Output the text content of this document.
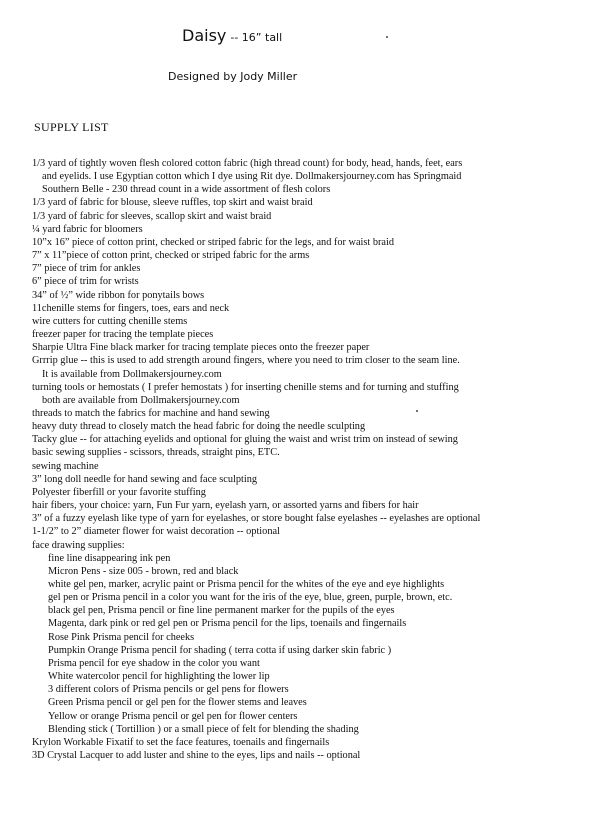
Daisy -- 16” tall
Designed by Jody Miller
SUPPLY LIST
1/3 yard of tightly woven flesh colored cotton fabric (high thread count) for body, head, hands, feet, ears
and eyelids. I use Egyptian cotton which I dye using Rit dye. Dollmakersjourney.com has Springmaid
Southern Belle - 230 thread count in a wide assortment of flesh colors
1/3 yard of fabric for blouse, sleeve ruffles, top skirt and waist braid
1/3 yard of fabric for sleeves, scallop skirt and waist braid
¼ yard fabric for bloomers
10”x 16” piece of cotton print, checked or striped fabric for the legs, and for waist braid
7” x 11”piece of cotton print, checked or striped fabric for the arms
7” piece of trim for ankles
6” piece of trim for wrists
34” of ½” wide ribbon for ponytails bows
11chenille stems for fingers, toes, ears and neck
wire cutters for cutting chenille stems
freezer paper for tracing the template pieces
Sharpie Ultra Fine black marker for tracing template pieces onto the freezer paper
Grrrip glue -- this is used to add strength around fingers, where you need to trim closer to the seam line.
It is available from Dollmakersjourney.com
turning tools or hemostats ( I prefer hemostats ) for inserting chenille stems and for turning and stuffing
both are available from Dollmakersjourney.com
threads to match the fabrics for machine and hand sewing
heavy duty thread to closely match the head fabric for doing the needle sculpting
Tacky glue -- for attaching eyelids and optional for gluing the waist and wrist trim on instead of sewing
basic sewing supplies - scissors, threads, straight pins, ETC.
sewing machine
3” long doll needle for hand sewing and face sculpting
Polyester fiberfill or your favorite stuffing
hair fibers, your choice: yarn, Fun Fur yarn, eyelash yarn, or assorted yarns and fibers for hair
3” of a fuzzy eyelash like type of yarn for eyelashes, or store bought false eyelashes -- eyelashes are optional
1-1/2” to 2” diameter flower for waist decoration -- optional
face drawing supplies:
fine line disappearing ink pen
Micron Pens - size 005 - brown, red and black
white gel pen, marker, acrylic paint or Prisma pencil for the whites of the eye and eye highlights
gel pen or Prisma pencil in a color you want for the iris of the eye, blue, green, purple, brown, etc.
black gel pen, Prisma pencil or fine line permanent marker for the pupils of the eyes
Magenta, dark pink or red gel pen or Prisma pencil for the lips, toenails and fingernails
Rose Pink Prisma pencil for cheeks
Pumpkin Orange Prisma pencil for shading ( terra cotta if using darker skin fabric )
Prisma pencil for eye shadow in the color you want
White watercolor pencil for highlighting the lower lip
3 different colors of Prisma pencils or gel pens for flowers
Green Prisma pencil or gel pen for the flower stems and leaves
Yellow or orange Prisma pencil or gel pen for flower centers
Blending stick ( Tortillion ) or a small piece of felt for blending the shading
Krylon Workable Fixatif to set the face features, toenails and fingernails
3D Crystal Lacquer to add luster and shine to the eyes, lips and nails -- optional
